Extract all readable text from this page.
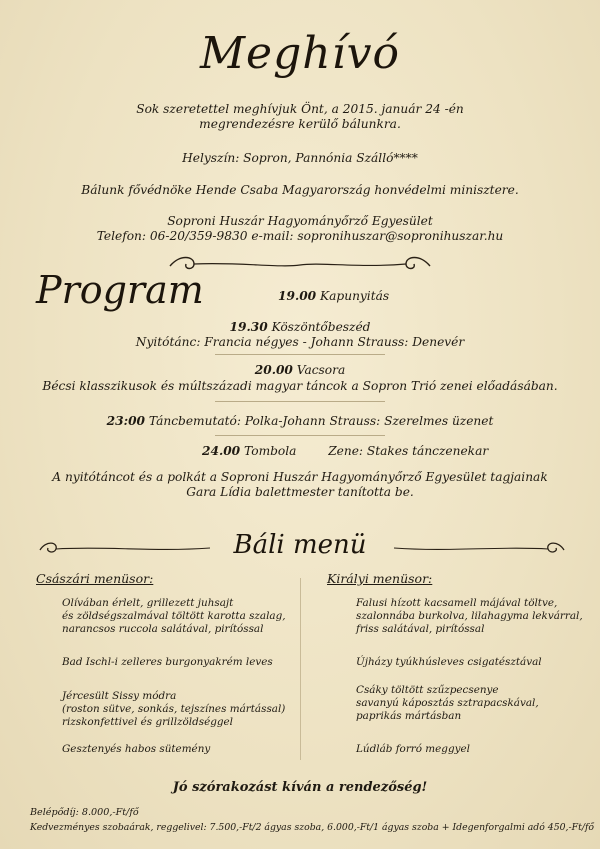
Meghívó
Sok szeretettel meghívjuk Önt, a 2015. január 24 -én
megrendezésre kerülő bálunkra.
Helyszín: Sopron, Pannónia Szálló****
Bálunk fővédnöke Hende Csaba Magyarország honvédelmi minisztere.
Soproni Huszár Hagyományőrző Egyesület
Telefon: 06-20/359-9830 e-mail: sopronihuszar@sopronihuszar.hu
Program	19.00 Kapunyitás
19.30 Köszöntőbeszéd
Nyitótánc: Francia négyes - Johann Strauss: Denevér
20.00 Vacsora
Bécsi klasszikusok és múltszázadi magyar táncok a Sopron Trió zenei előadásában.
23:00 Táncbemutató: Polka-Johann Strauss: Szerelmes üzenet
24.00 Tombola	Zene: Stakes tánczenekar
A nyitótáncot és a polkát a Soproni Huszár Hagyományőrző Egyesület tagjainak
Gara Lídia balettmester tanította be.
Báli menü
Császári menüsor:
Olívában érlelt, grillezett juhsajt
és zöldségszalmával töltött karotta szalag,
narancsos ruccola salátával, pirítóssal
Bad Ischl-i zelleres burgonyakrém leves
Jércesült Sissy módra
(roston sütve, sonkás, tejszínes mártással)
rizskonfettivel és grillzöldséggel
Gesztenyés habos sütemény
Királyi menüsor:
Falusi hízott kacsamell májával töltve,
szalonnába burkolva, lilahagyma lekvárral,
friss salátával, pirítóssal
Újházy tyúkhúsleves csigatésztával
Csáky töltött szűzpecsenye
savanyú káposztás sztrapacskával,
paprikás mártásban
Lúdláb forró meggyel
Jó szórakozást kíván a rendezőség!
Belépődíj: 8.000,-Ft/fő
Kedvezményes szobaárak, reggelivel: 7.500,-Ft/2 ágyas szoba, 6.000,-Ft/1 ágyas szoba + Idegenforgalmi adó 450,-Ft/fő
